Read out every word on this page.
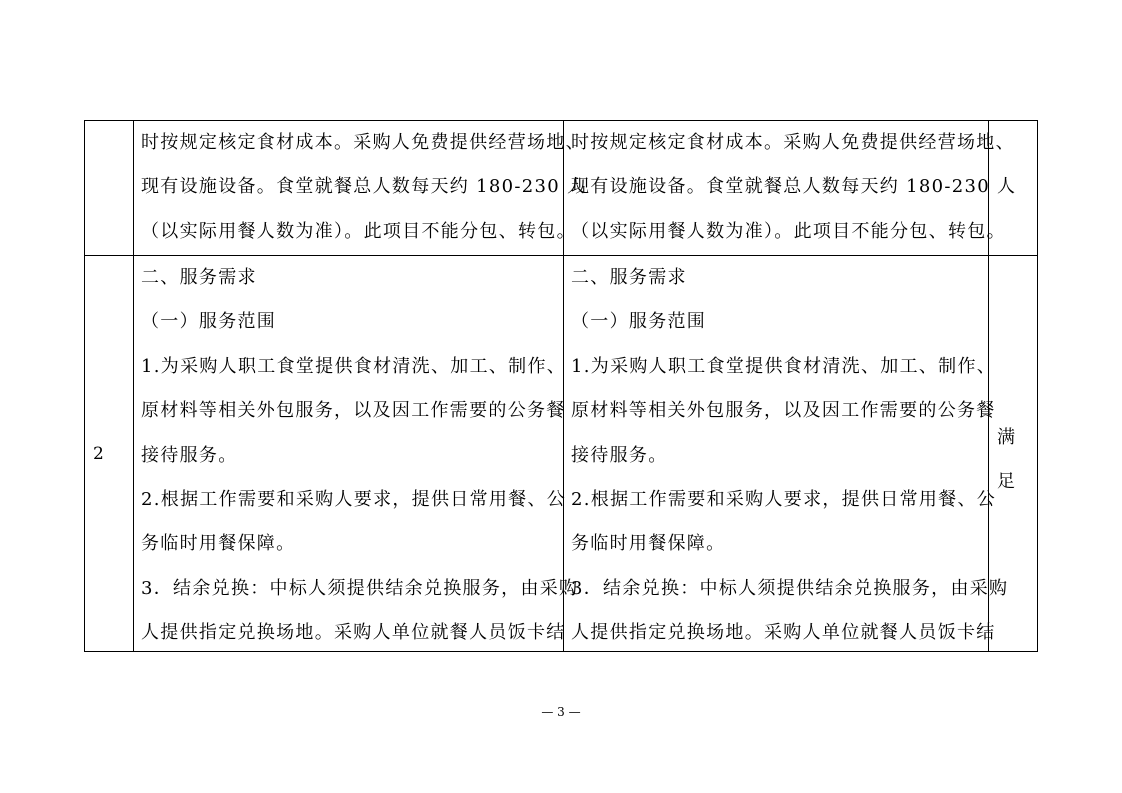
时按规定核定食材成本。采购人免费提供经营场地、
现有设施设备。食堂就餐总人数每天约 180-230 人
（以实际用餐人数为准）。此项目不能分包、转包。
时按规定核定食材成本。采购人免费提供经营场地、
现有设施设备。食堂就餐总人数每天约 180-230 人
（以实际用餐人数为准）。此项目不能分包、转包。
二、服务需求
（一）服务范围
1.为采购人职工食堂提供食材清洗、加工、制作、
原材料等相关外包服务，以及因工作需要的公务餐
接待服务。
2.根据工作需要和采购人要求，提供日常用餐、公
务临时用餐保障。
3．结余兑换：中标人须提供结余兑换服务，由采购
人提供指定兑换场地。采购人单位就餐人员饭卡结
二、服务需求
（一）服务范围
1.为采购人职工食堂提供食材清洗、加工、制作、
原材料等相关外包服务，以及因工作需要的公务餐
接待服务。
2.根据工作需要和采购人要求，提供日常用餐、公
务临时用餐保障。
3．结余兑换：中标人须提供结余兑换服务，由采购
人提供指定兑换场地。采购人单位就餐人员饭卡结
2
满
足
— 3 —
